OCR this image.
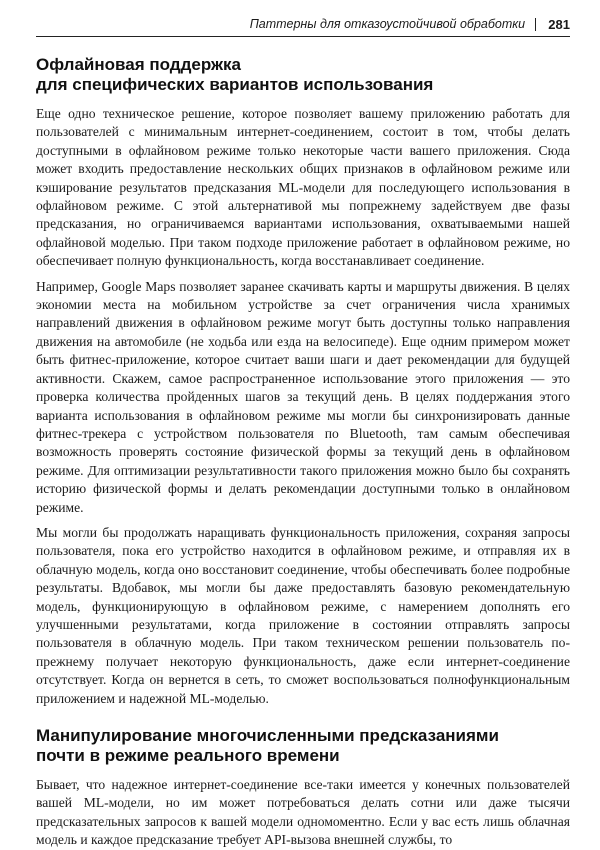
Паттерны для отказоустойчивой обработки 281
Офлайновая поддержка
для специфических вариантов использования

Еще одно техническое решение, которое позволяет вашему приложению работать для пользователей с минимальным интернет-соединением, состоит в том, чтобы делать доступными в офлайновом режиме только некоторые части вашего приложения. Сюда может входить предоставление нескольких общих признаков в офлайновом режиме или кэширование результатов предсказания ML-модели для последующего использования в офлайновом режиме. С этой альтернативой мы попрежнему задействуем две фазы предсказания, но ограничиваемся вариантами использования, охватываемыми нашей офлайновой моделью. При таком подходе приложение работает в офлайновом режиме, но обеспечивает полную функциональность, когда восстанавливает соединение.

Например, Google Maps позволяет заранее скачивать карты и маршруты движения. В целях экономии места на мобильном устройстве за счет ограничения числа хранимых направлений движения в офлайновом режиме могут быть доступны только направления движения на автомобиле (не ходьба или езда на велосипеде). Еще одним примером может быть фитнес-приложение, которое считает ваши шаги и дает рекомендации для будущей активности. Скажем, самое распространенное использование этого приложения — это проверка количества пройденных шагов за текущий день. В целях поддержания этого варианта использования в офлайновом режиме мы могли бы синхронизировать данные фитнес-трекера с устройством пользователя по Bluetooth, там самым обеспечивая возможность проверять состояние физической формы за текущий день в офлайновом режиме. Для оптимизации результативности такого приложения можно было бы сохранять историю физической формы и делать рекомендации доступными только в онлайновом режиме.

Мы могли бы продолжать наращивать функциональность приложения, сохраняя запросы пользователя, пока его устройство находится в офлайновом режиме, и отправляя их в облачную модель, когда оно восстановит соединение, чтобы обеспечивать более подробные результаты. Вдобавок, мы могли бы даже предоставлять базовую рекомендательную модель, функционирующую в офлайновом режиме, с намерением дополнять его улучшенными результатами, когда приложение в состоянии отправлять запросы пользователя в облачную модель. При таком техническом решении пользователь по-прежнему получает некоторую функциональность, даже если интернет-соединение отсутствует. Когда он вернется в сеть, то сможет воспользоваться полнофункциональным приложением и надежной ML-моделью.

Манипулирование многочисленными предсказаниями
почти в режиме реального времени

Бывает, что надежное интернет-соединение все-таки имеется у конечных пользователей вашей ML-модели, но им может потребоваться делать сотни или даже тысячи предсказательных запросов к вашей модели одномоментно. Если у вас есть лишь облачная модель и каждое предсказание требует API-вызова внешней службы, то
